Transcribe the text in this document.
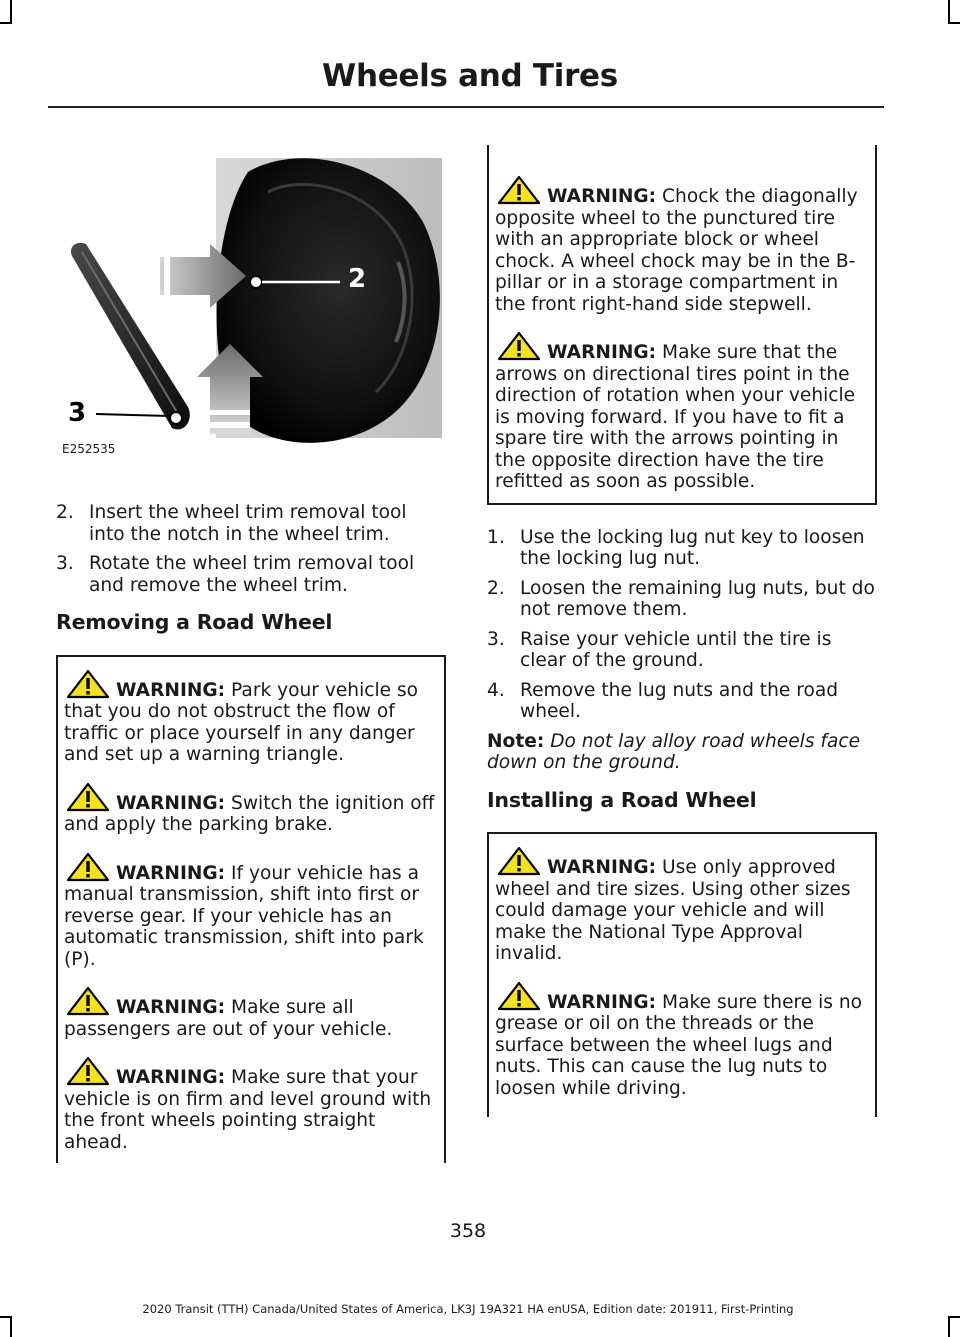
Wheels and Tires
2
3
E252535
2. Insert the wheel trim removal tool into the notch in the wheel trim.
3. Rotate the wheel trim removal tool and remove the wheel trim.
Removing a Road Wheel
WARNING: Park your vehicle so that you do not obstruct the flow of traffic or place yourself in any danger and set up a warning triangle.
WARNING: Switch the ignition off and apply the parking brake.
WARNING: If your vehicle has a manual transmission, shift into first or reverse gear. If your vehicle has an automatic transmission, shift into park (P).
WARNING: Make sure all passengers are out of your vehicle.
WARNING: Make sure that your vehicle is on firm and level ground with the front wheels pointing straight ahead.
WARNING: Chock the diagonally opposite wheel to the punctured tire with an appropriate block or wheel chock. A wheel chock may be in the B-pillar or in a storage compartment in the front right-hand side stepwell.
WARNING: Make sure that the arrows on directional tires point in the direction of rotation when your vehicle is moving forward. If you have to fit a spare tire with the arrows pointing in the opposite direction have the tire refitted as soon as possible.
1. Use the locking lug nut key to loosen the locking lug nut.
2. Loosen the remaining lug nuts, but do not remove them.
3. Raise your vehicle until the tire is clear of the ground.
4. Remove the lug nuts and the road wheel.
Note: Do not lay alloy road wheels face down on the ground.
Installing a Road Wheel
WARNING: Use only approved wheel and tire sizes. Using other sizes could damage your vehicle and will make the National Type Approval invalid.
WARNING: Make sure there is no grease or oil on the threads or the surface between the wheel lugs and nuts. This can cause the lug nuts to loosen while driving.
358
2020 Transit (TTH) Canada/United States of America, LK3J 19A321 HA enUSA, Edition date: 201911, First-Printing
